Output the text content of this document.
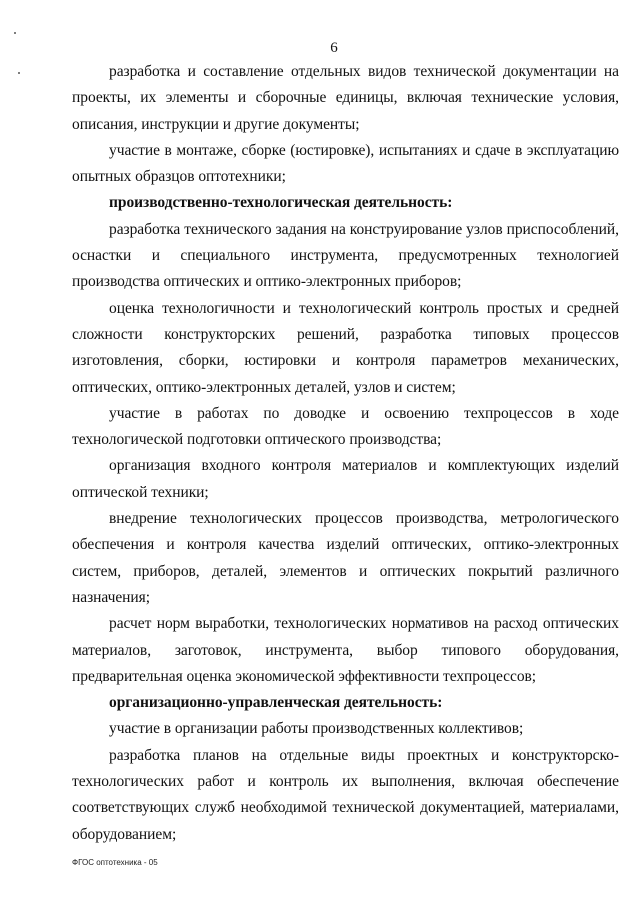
6

разработка и составление отдельных видов технической документации на проекты, их элементы и сборочные единицы, включая технические условия, описания, инструкции и другие документы;

участие в монтаже, сборке (юстировке), испытаниях и сдаче в эксплуатацию опытных образцов оптотехники;

производственно-технологическая деятельность:

разработка технического задания на конструирование узлов приспособлений, оснастки и специального инструмента, предусмотренных технологией производства оптических и оптико-электронных приборов;

оценка технологичности и технологический контроль простых и средней сложности конструкторских решений, разработка типовых процессов изготовления, сборки, юстировки и контроля параметров механических, оптических, оптико-электронных деталей, узлов и систем;

участие в работах по доводке и освоению техпроцессов в ходе технологической подготовки оптического производства;

организация входного контроля материалов и комплектующих изделий оптической техники;

внедрение технологических процессов производства, метрологического обеспечения и контроля качества изделий оптических, оптико-электронных систем, приборов, деталей, элементов и оптических покрытий различного назначения;

расчет норм выработки, технологических нормативов на расход оптических материалов, заготовок, инструмента, выбор типового оборудования, предварительная оценка экономической эффективности техпроцессов;

организационно-управленческая деятельность:

участие в организации работы производственных коллективов;

разработка планов на отдельные виды проектных и конструкторско-технологических работ и контроль их выполнения, включая обеспечение соответствующих служб необходимой технической документацией, материалами, оборудованием;

ФГОС оптотехника - 05
